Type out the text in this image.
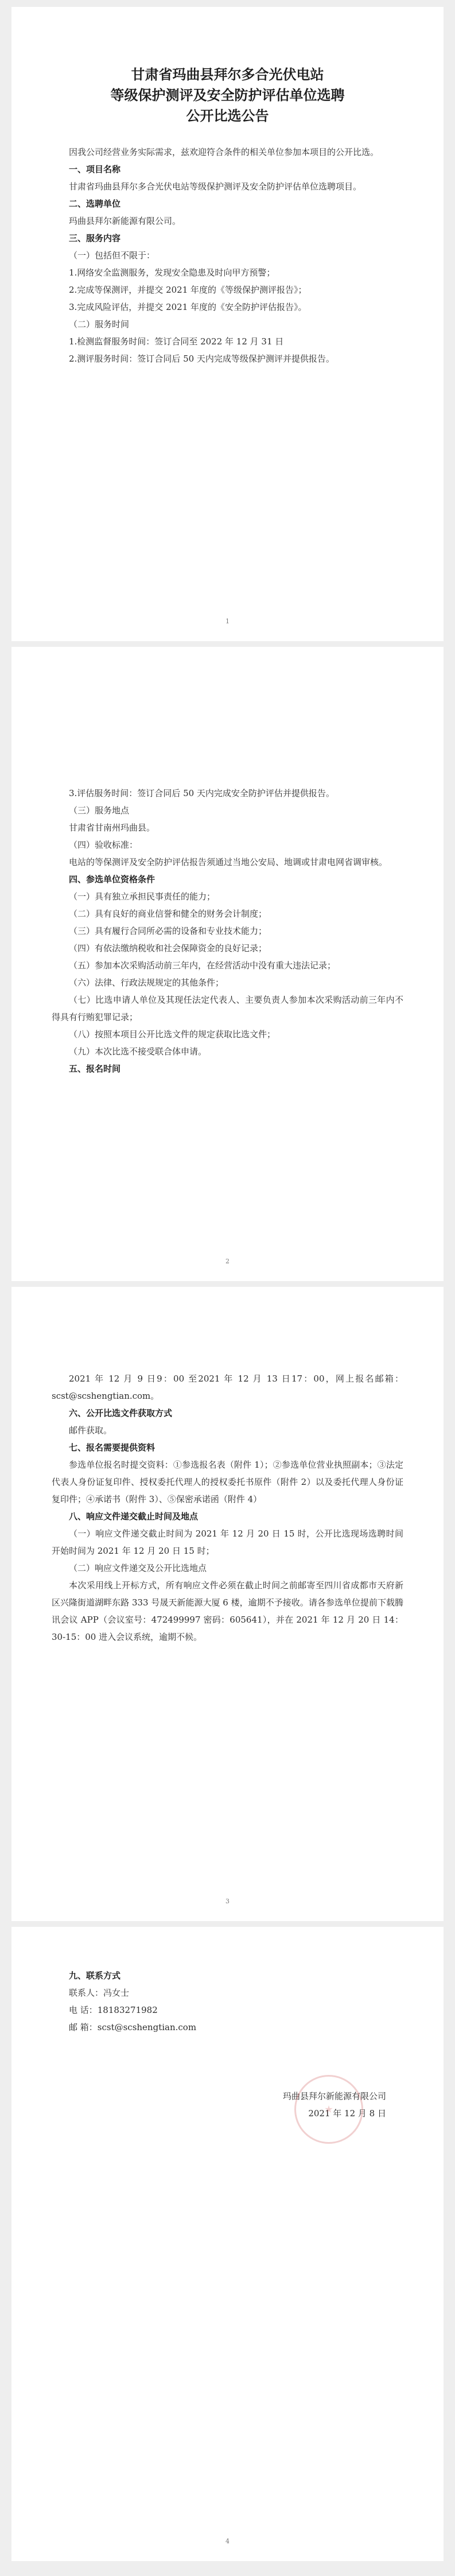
甘肃省玛曲县拜尔多合光伏电站
等级保护测评及安全防护评估单位选聘
公开比选公告

因我公司经营业务实际需求，兹欢迎符合条件的相关单位参加本项目的公开比选。

一、项目名称

甘肃省玛曲县拜尔多合光伏电站等级保护测评及安全防护评估单位选聘项目。

二、选聘单位

玛曲县拜尔新能源有限公司。

三、服务内容

（一）包括但不限于：

1.网络安全监测服务，发现安全隐患及时向甲方预警；

2.完成等保测评，并提交 2021 年度的《等级保护测评报告》；

3.完成风险评估，并提交 2021 年度的《安全防护评估报告》。

（二）服务时间

1.检测监督服务时间：签订合同至 2022 年 12 月 31 日

2.测评服务时间：签订合同后 50 天内完成等级保护测评并提供报告。

1

3.评估服务时间：签订合同后 50 天内完成安全防护评估并提供报告。

（三）服务地点

甘肃省甘南州玛曲县。

（四）验收标准：

电站的等保测评及安全防护评估报告须通过当地公安局、地调或甘肃电网省调审核。

四、参选单位资格条件

（一）具有独立承担民事责任的能力；

（二）具有良好的商业信誉和健全的财务会计制度；

（三）具有履行合同所必需的设备和专业技术能力；

（四）有依法缴纳税收和社会保障资金的良好记录；

（五）参加本次采购活动前三年内，在经营活动中没有重大违法记录；

（六）法律、行政法规规定的其他条件；

（七）比选申请人单位及其现任法定代表人、主要负责人参加本次采购活动前三年内不得具有行贿犯罪记录；

（八）按照本项目公开比选文件的规定获取比选文件；

（九）本次比选不接受联合体申请。

五、报名时间

2

2021 年 12 月 9 日9：00 至2021 年 12 月 13 日17：00，网上报名邮箱：scst@scshengtian.com。

六、公开比选文件获取方式

邮件获取。

七、报名需要提供资料

参选单位报名时提交资料：①参选报名表（附件 1）；②参选单位营业执照副本；③法定代表人身份证复印件、授权委托代理人的授权委托书原件（附件 2）以及委托代理人身份证复印件；④承诺书（附件 3）、⑤保密承诺函（附件 4）

八、响应文件递交截止时间及地点

（一）响应文件递交截止时间为 2021 年 12 月 20 日 15 时，公开比选现场选聘时间开始时间为 2021 年 12 月 20 日 15 时；

（二）响应文件递交及公开比选地点

本次采用线上开标方式，所有响应文件必须在截止时间之前邮寄至四川省成都市天府新区兴隆街道湖畔东路 333 号晟天新能源大厦 6 楼，逾期不予接收。请各参选单位提前下载腾讯会议 APP（会议室号：472499997 密码：605641），并在 2021 年 12 月 20 日 14：30-15：00 进入会议系统，逾期不候。

3

九、联系方式

联系人：冯女士

电 话：18183271982

邮 箱：scst@scshengtian.com

玛曲县拜尔新能源有限公司

2021 年 12 月 8 日

4
